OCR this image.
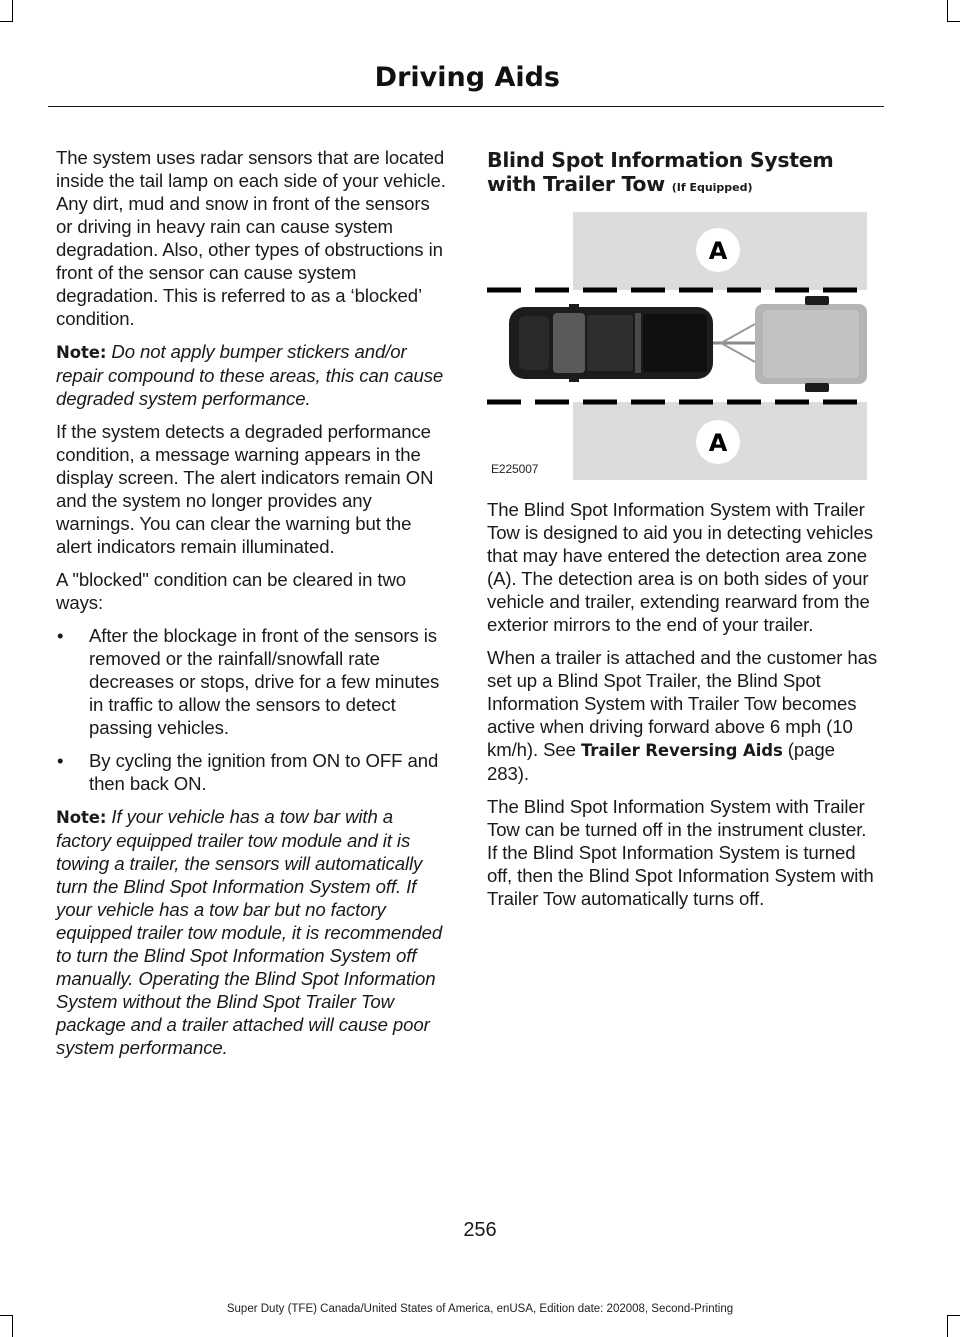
Driving Aids

The system uses radar sensors that are located inside the tail lamp on each side of your vehicle. Any dirt, mud and snow in front of the sensors or driving in heavy rain can cause system degradation. Also, other types of obstructions in front of the sensor can cause system degradation. This is referred to as a ‘blocked’ condition.

Note: Do not apply bumper stickers and/or repair compound to these areas, this can cause degraded system performance.

If the system detects a degraded performance condition, a message warning appears in the display screen. The alert indicators remain ON and the system no longer provides any warnings. You can clear the warning but the alert indicators remain illuminated.

A "blocked" condition can be cleared in two ways:

• After the blockage in front of the sensors is removed or the rainfall/snowfall rate decreases or stops, drive for a few minutes in traffic to allow the sensors to detect passing vehicles.
• By cycling the ignition from ON to OFF and then back ON.

Note: If your vehicle has a tow bar with a factory equipped trailer tow module and it is towing a trailer, the sensors will automatically turn the Blind Spot Information System off. If your vehicle has a tow bar but no factory equipped trailer tow module, it is recommended to turn the Blind Spot Information System off manually. Operating the Blind Spot Information System without the Blind Spot Trailer Tow package and a trailer attached will cause poor system performance.

Blind Spot Information System with Trailer Tow (If Equipped)
A
A
E225007

The Blind Spot Information System with Trailer Tow is designed to aid you in detecting vehicles that may have entered the detection area zone (A). The detection area is on both sides of your vehicle and trailer, extending rearward from the exterior mirrors to the end of your trailer.

When a trailer is attached and the customer has set up a Blind Spot Trailer, the Blind Spot Information System with Trailer Tow becomes active when driving forward above 6 mph (10 km/h). See Trailer Reversing Aids (page 283).

The Blind Spot Information System with Trailer Tow can be turned off in the instrument cluster. If the Blind Spot Information System is turned off, then the Blind Spot Information System with Trailer Tow automatically turns off.

256
Super Duty (TFE) Canada/United States of America, enUSA, Edition date: 202008, Second-Printing
